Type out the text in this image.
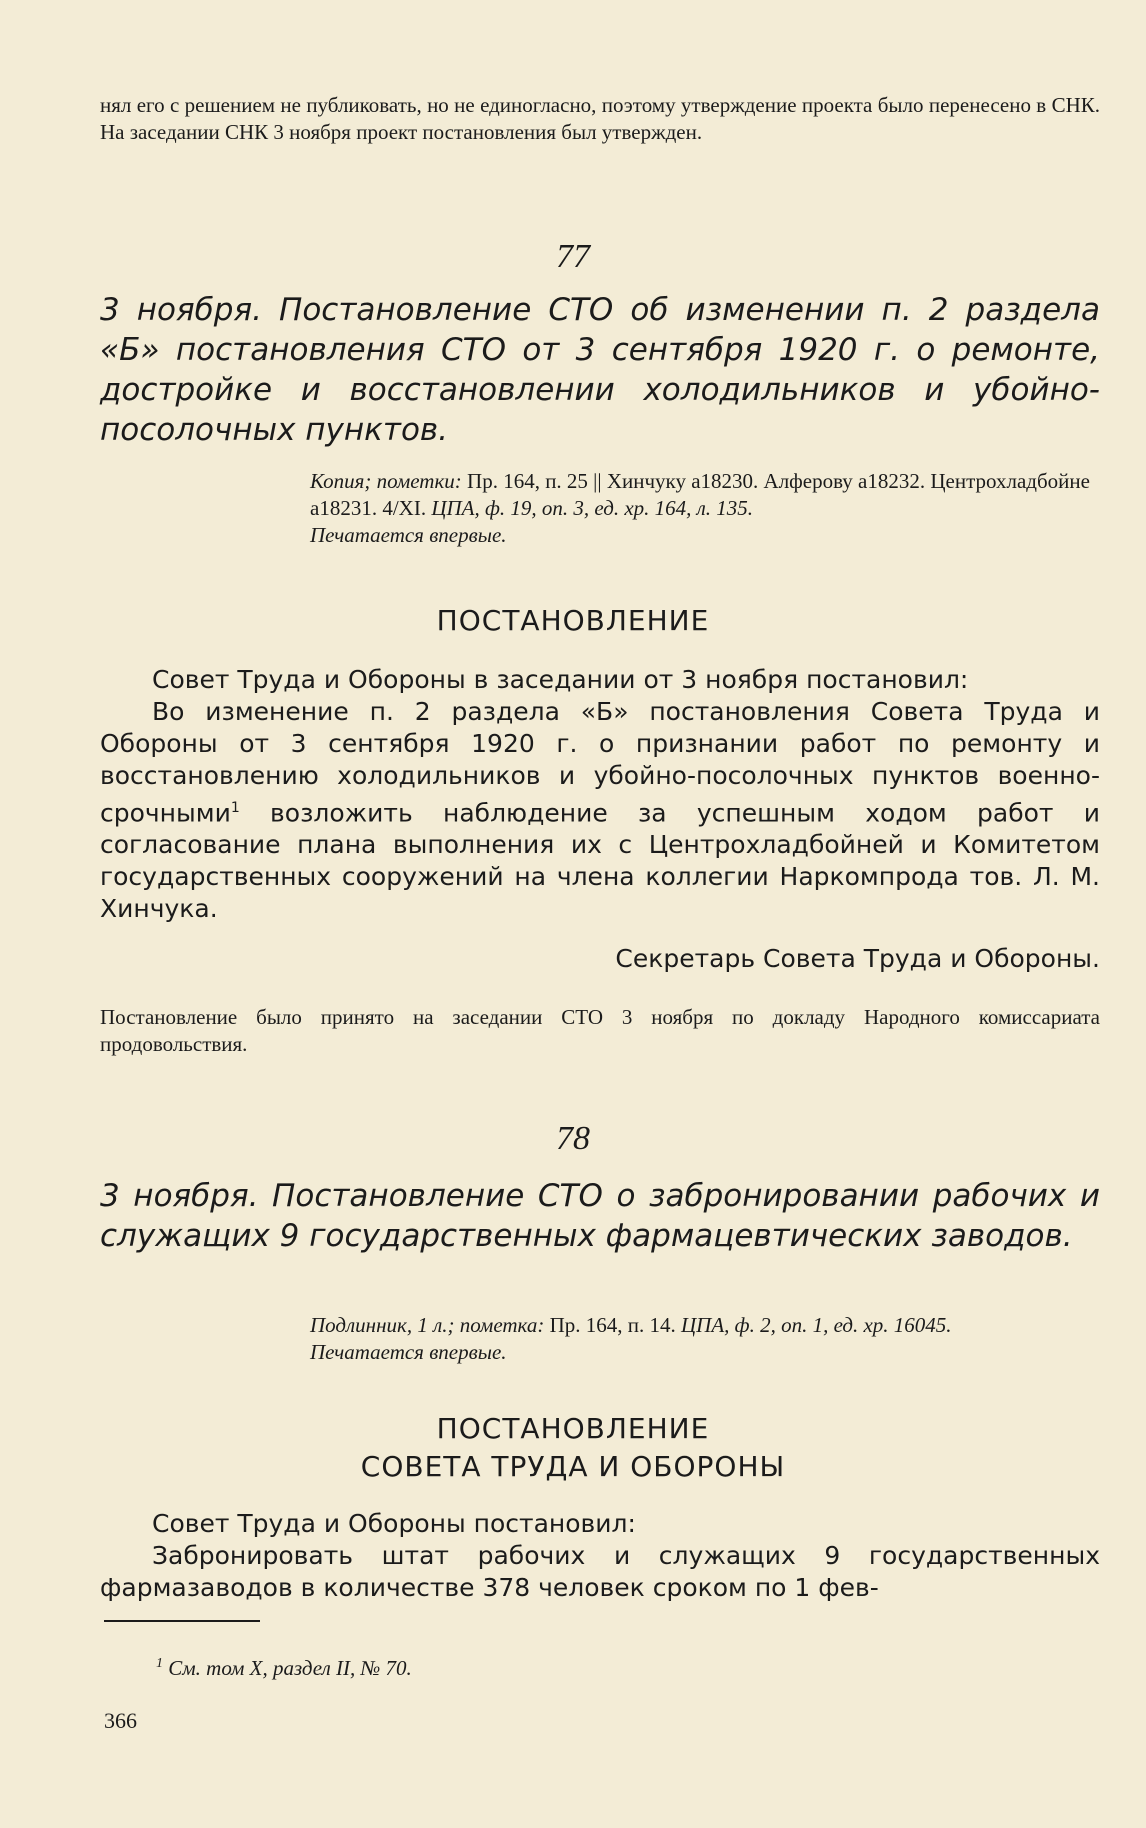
нял его с решением не публиковать, но не единогласно, поэтому утверждение проекта было перенесено в СНК. На заседании СНК 3 ноября проект постановления был утвержден.

77
3 ноября. Постановление СТО об изменении п. 2 раздела «Б» постановления СТО от 3 сентября 1920 г. о ремонте, достройке и восстановлении холодильников и убойно-посолочных пунктов.

Копия; пометки: Пр. 164, п. 25 || Хинчуку а18230. Алферову а18232. Центрохладбойне а18231. 4/XI. ЦПА, ф. 19, оп. 3, ед. хр. 164, л. 135.

Печатается впервые.

ПОСТАНОВЛЕНИЕ

Совет Труда и Обороны в заседании от 3 ноября постановил:

Во изменение п. 2 раздела «Б» постановления Совета Труда и Обороны от 3 сентября 1920 г. о признании работ по ремонту и восстановлению холодильников и убойно-посолочных пунктов военно-срочными$^1$ возложить наблюдение за успешным ходом работ и согласование плана выполнения их с Центрохладбойней и Комитетом государственных сооружений на члена коллегии Наркомпрода тов. Л. М. Хинчука.

Секретарь Совета Труда и Обороны.

Постановление было принято на заседании СТО 3 ноября по докладу Народного комиссариата продовольствия.

78
3 ноября. Постановление СТО о забронировании рабочих и служащих 9 государственных фармацевтических заводов.

Подлинник, 1 л.; пометка: Пр. 164, п. 14. ЦПА, ф. 2, оп. 1, ед. хр. 16045.

Печатается впервые.

ПОСТАНОВЛЕНИЕ
СОВЕТА ТРУДА И ОБОРОНЫ

Совет Труда и Обороны постановил:

Забронировать штат рабочих и служащих 9 государственных фармазаводов в количестве 378 человек сроком по 1 фев-

$^1$ См. том X, раздел II, № 70.
366
